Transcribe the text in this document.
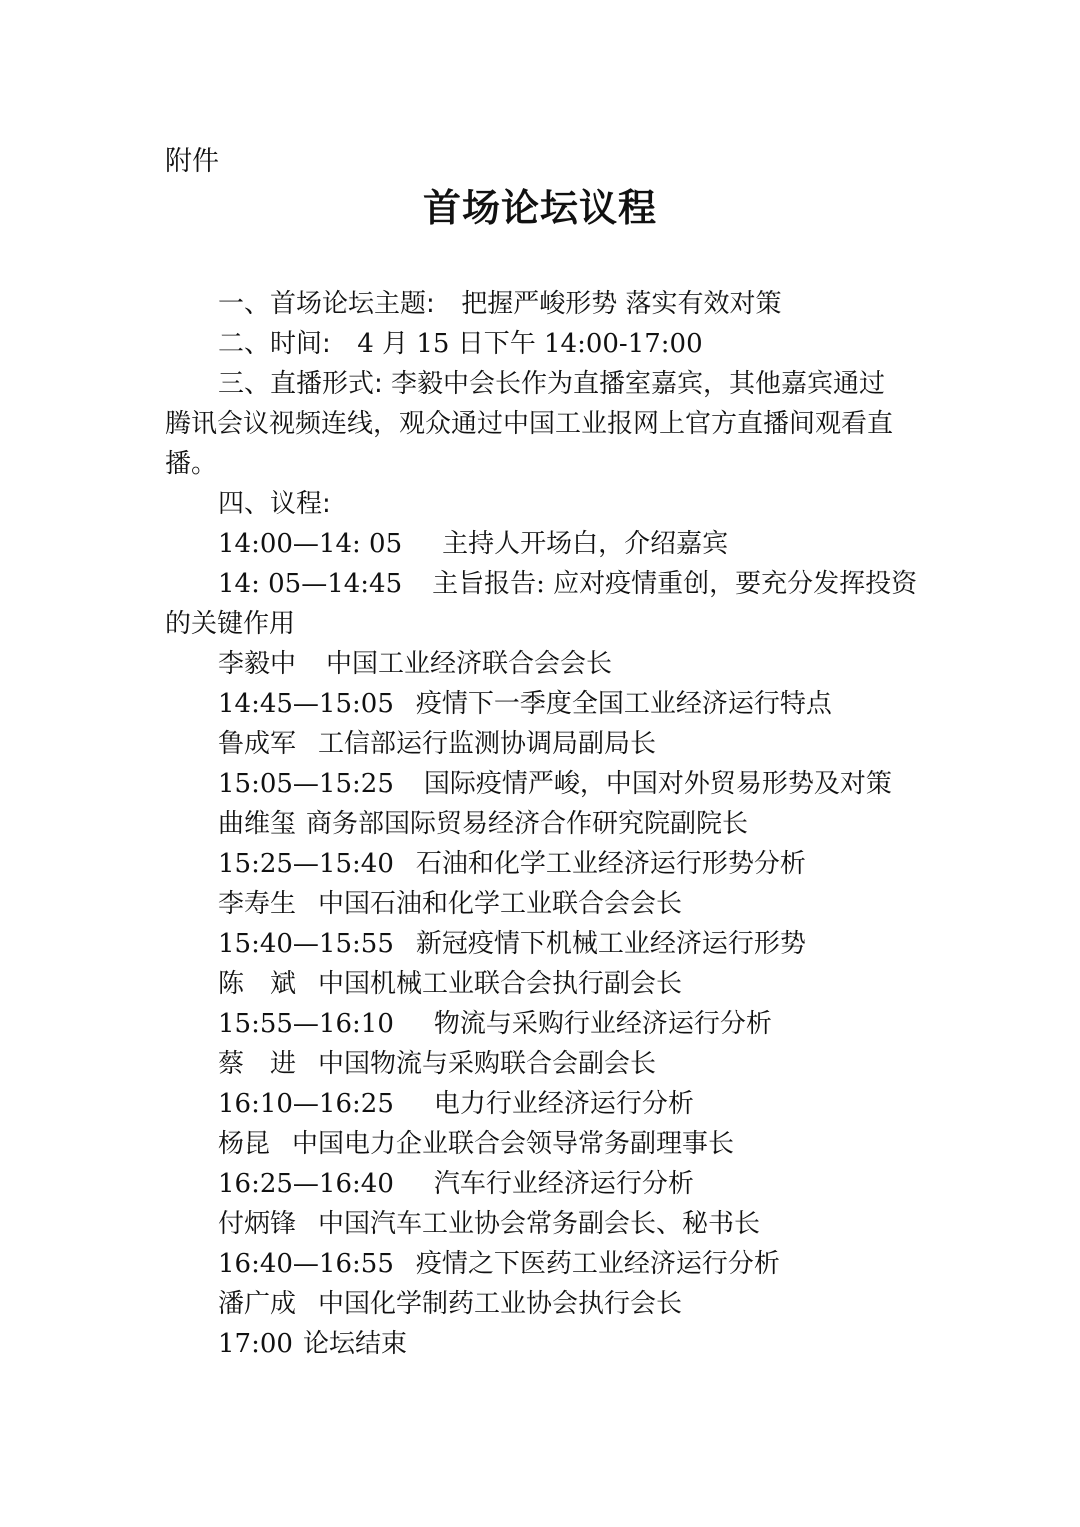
附件
首场论坛议程
一、首场论坛主题: 把握严峻形势 落实有效对策
二、时间: 4 月 15 日下午 14:00-17:00
三、直播形式: 李毅中会长作为直播室嘉宾，其他嘉宾通过
腾讯会议视频连线，观众通过中国工业报网上官方直播间观看直
播。
四、议程:
14:00—14: 05 主持人开场白，介绍嘉宾
14: 05—14:45 主旨报告: 应对疫情重创，要充分发挥投资
的关键作用
李毅中 中国工业经济联合会会长
14:45—15:05 疫情下一季度全国工业经济运行特点
鲁成军 工信部运行监测协调局副局长
15:05—15:25 国际疫情严峻，中国对外贸易形势及对策
曲维玺 商务部国际贸易经济合作研究院副院长
15:25—15:40 石油和化学工业经济运行形势分析
李寿生 中国石油和化学工业联合会会长
15:40—15:55 新冠疫情下机械工业经济运行形势
陈　斌 中国机械工业联合会执行副会长
15:55—16:10 物流与采购行业经济运行分析
蔡　进 中国物流与采购联合会副会长
16:10—16:25 电力行业经济运行分析
杨昆 中国电力企业联合会领导常务副理事长
16:25—16:40 汽车行业经济运行分析
付炳锋 中国汽车工业协会常务副会长、秘书长
16:40—16:55 疫情之下医药工业经济运行分析
潘广成 中国化学制药工业协会执行会长
17:00 论坛结束
